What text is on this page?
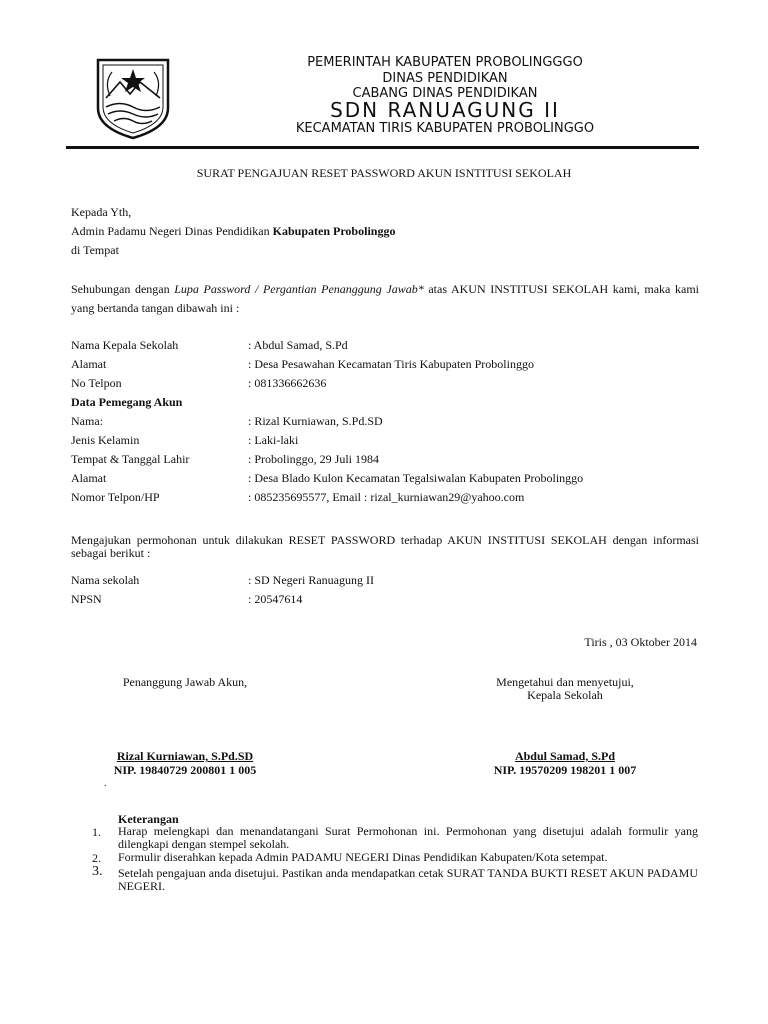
PEMERINTAH KABUPATEN PROBOLINGGGO
DINAS PENDIDIKAN
CABANG DINAS PENDIDIKAN
SDN RANUAGUNG II
KECAMATAN TIRIS KABUPATEN PROBOLINGGO
SURAT PENGAJUAN RESET PASSWORD AKUN ISNTITUSI SEKOLAH
Kepada Yth,
Admin Padamu Negeri Dinas Pendidikan Kabupaten Probolinggo
di Tempat
Sehubungan dengan Lupa Password / Pergantian Penanggung Jawab* atas AKUN INSTITUSI SEKOLAH kami, maka kami yang bertanda tangan dibawah ini :
Nama Kepala Sekolah	: Abdul Samad, S.Pd
Alamat	: Desa Pesawahan Kecamatan Tiris Kabupaten Probolinggo
No Telpon	: 081336662636
Data Pemegang Akun
Nama:	: Rizal Kurniawan, S.Pd.SD
Jenis Kelamin	: Laki-laki
Tempat & Tanggal Lahir	: Probolinggo, 29 Juli 1984
Alamat	: Desa Blado Kulon Kecamatan Tegalsiwalan Kabupaten Probolinggo
Nomor Telpon/HP	: 085235695577, Email : rizal_kurniawan29@yahoo.com
Mengajukan permohonan untuk dilakukan RESET PASSWORD terhadap AKUN INSTITUSI SEKOLAH dengan informasi sebagai berikut :
Nama sekolah	: SD Negeri Ranuagung II
NPSN	: 20547614
Tiris , 03 Oktober 2014
Penanggung Jawab Akun,	Mengetahui dan menyetujui,
Kepala Sekolah
Rizal Kurniawan, S.Pd.SD
NIP. 19840729 200801 1 005
Abdul Samad, S.Pd
NIP. 19570209 198201 1 007
.
Keterangan
1. Harap melengkapi dan menandatangani Surat Permohonan ini. Permohonan yang disetujui adalah formulir yang dilengkapi dengan stempel sekolah.
2. Formulir diserahkan kepada Admin PADAMU NEGERI Dinas Pendidikan Kabupaten/Kota setempat.
3. Setelah pengajuan anda disetujui. Pastikan anda mendapatkan cetak SURAT TANDA BUKTI RESET AKUN PADAMU NEGERI.
